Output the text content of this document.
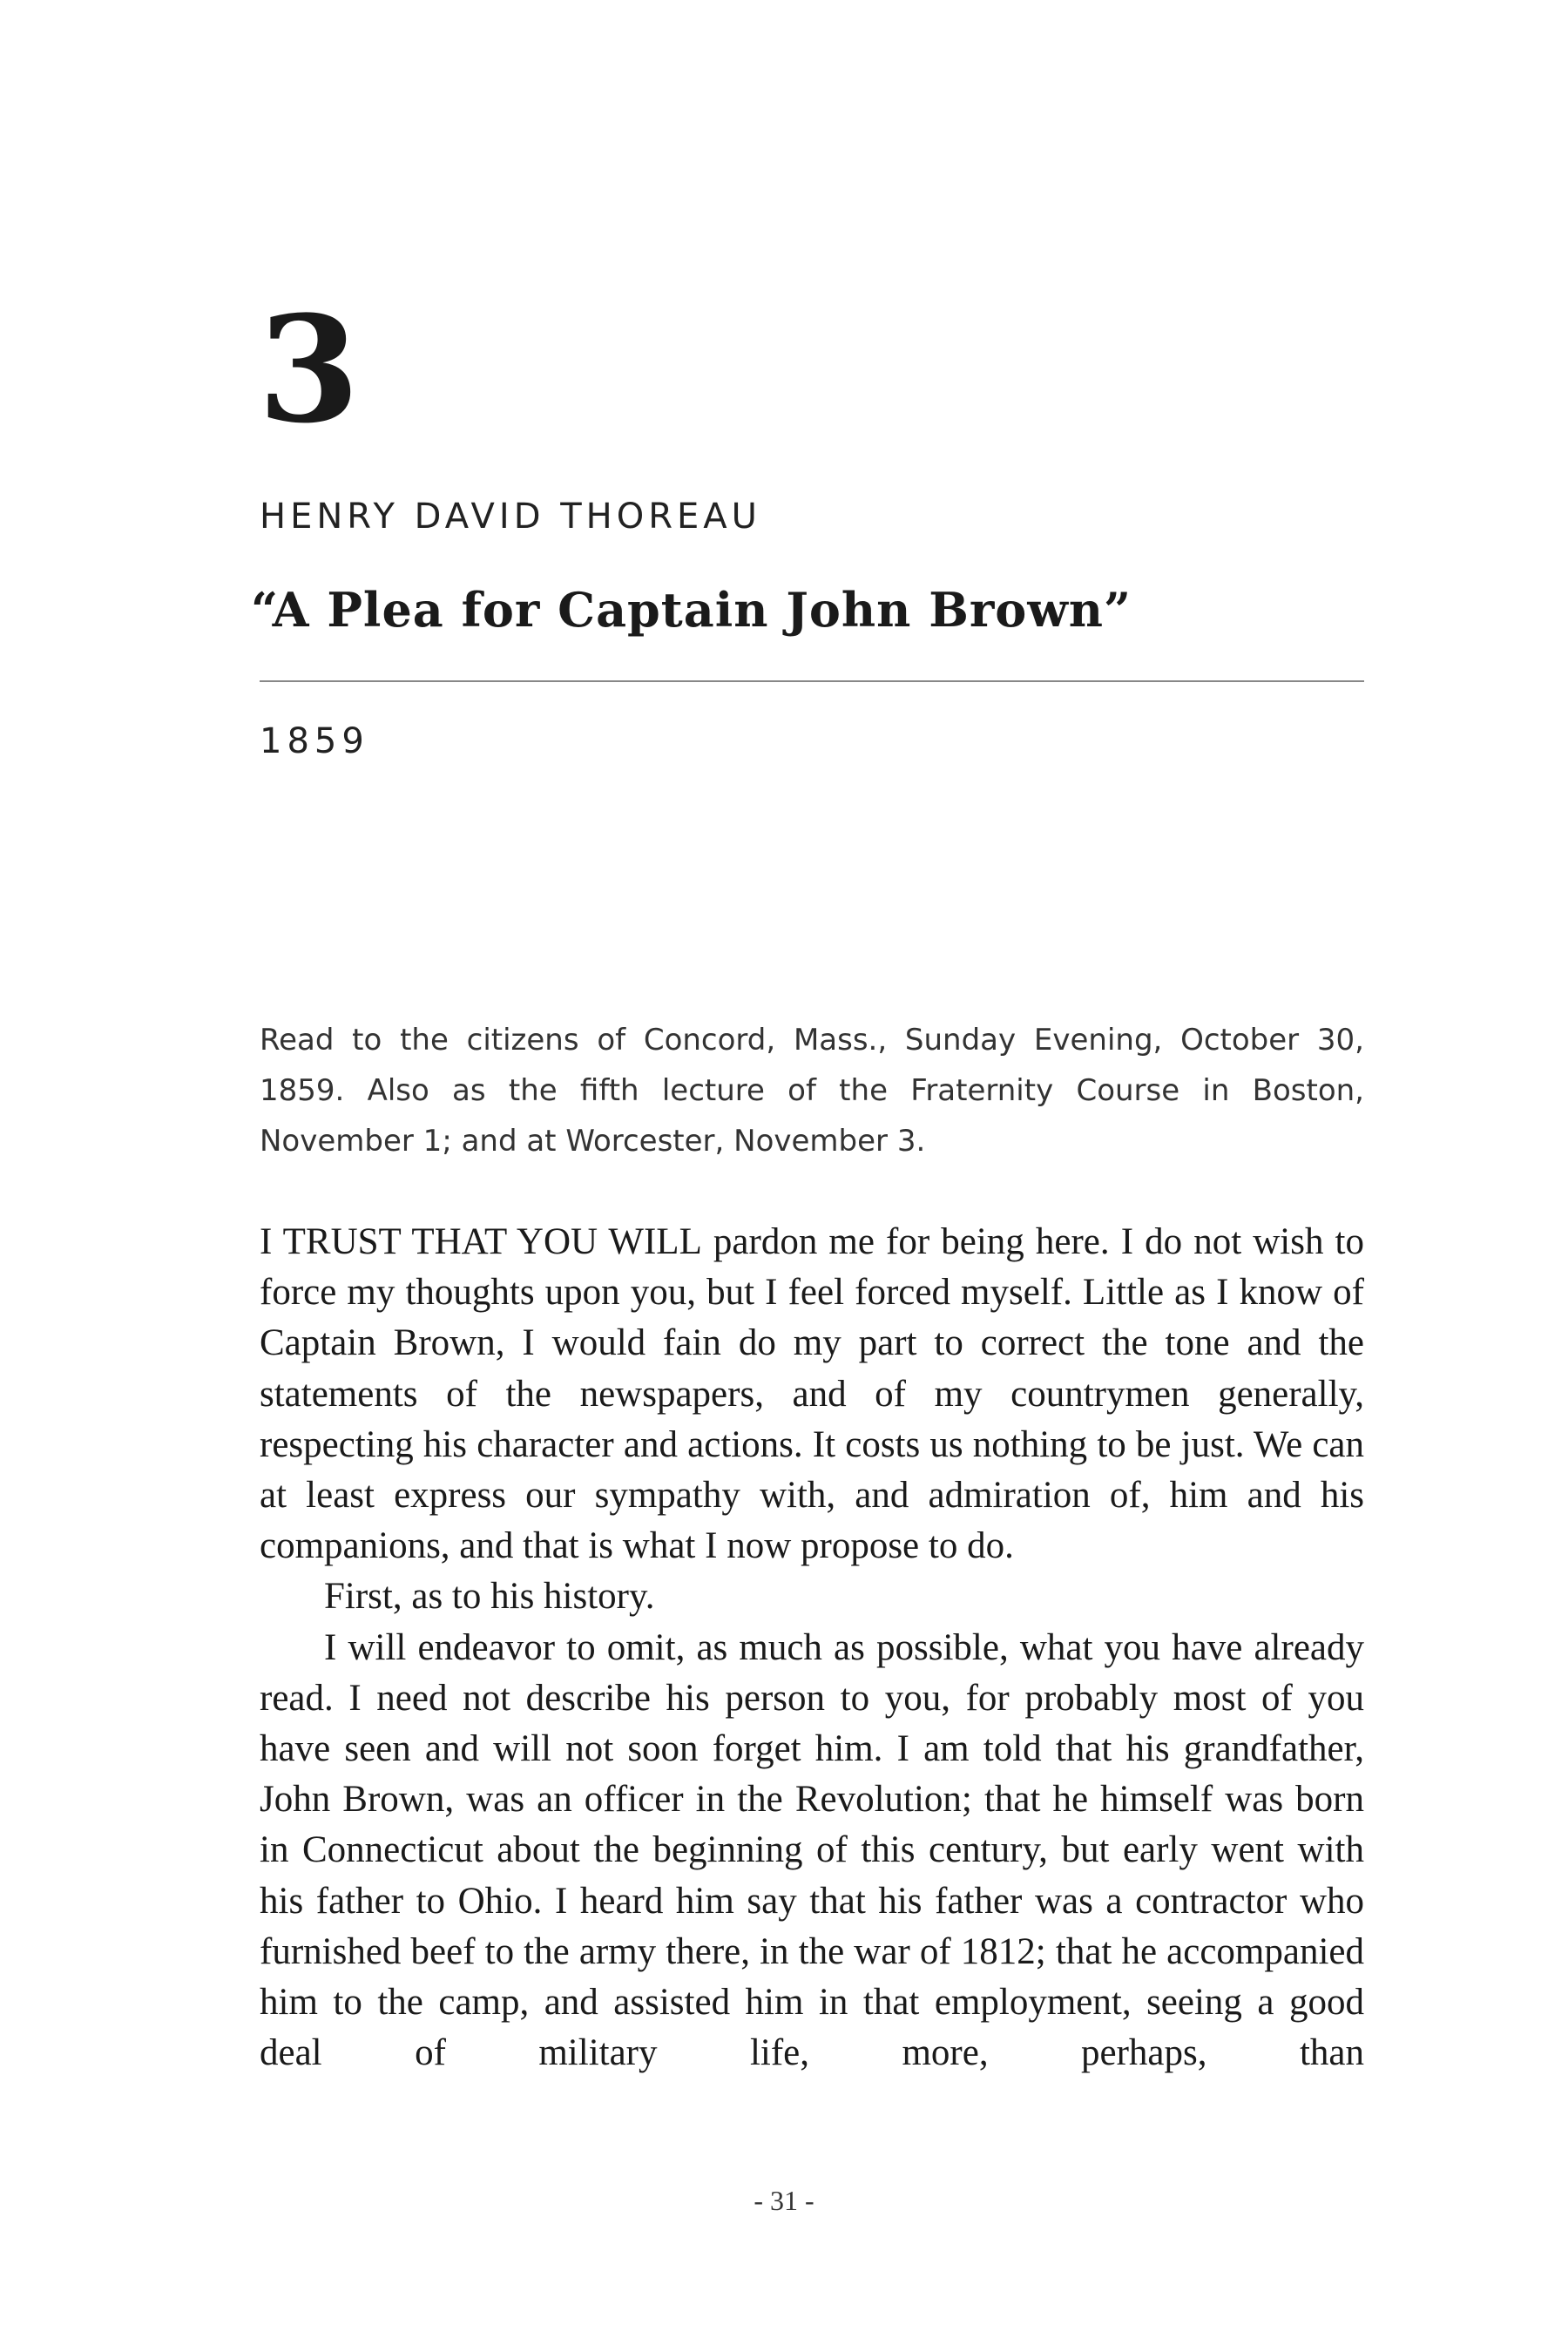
3
HENRY DAVID THOREAU
“A Plea for Captain John Brown”
1859

Read to the citizens of Concord, Mass., Sunday Evening, October 30, 1859. Also as the fifth lecture of the Fraternity Course in Boston, November 1; and at Worcester, November 3.

I TRUST THAT YOU WILL pardon me for being here. I do not wish to force my thoughts upon you, but I feel forced myself. Little as I know of Captain Brown, I would fain do my part to correct the tone and the statements of the newspapers, and of my countrymen generally, respecting his character and actions. It costs us nothing to be just. We can at least express our sympathy with, and admiration of, him and his companions, and that is what I now propose to do.

First, as to his history.

I will endeavor to omit, as much as possible, what you have already read. I need not describe his person to you, for probably most of you have seen and will not soon forget him. I am told that his grandfather, John Brown, was an officer in the Revolution; that he himself was born in Connecticut about the beginning of this century, but early went with his father to Ohio. I heard him say that his father was a contractor who furnished beef to the army there, in the war of 1812; that he accompanied him to the camp, and assisted him in that employment, seeing a good deal of military life, more, perhaps, than

- 31 -
